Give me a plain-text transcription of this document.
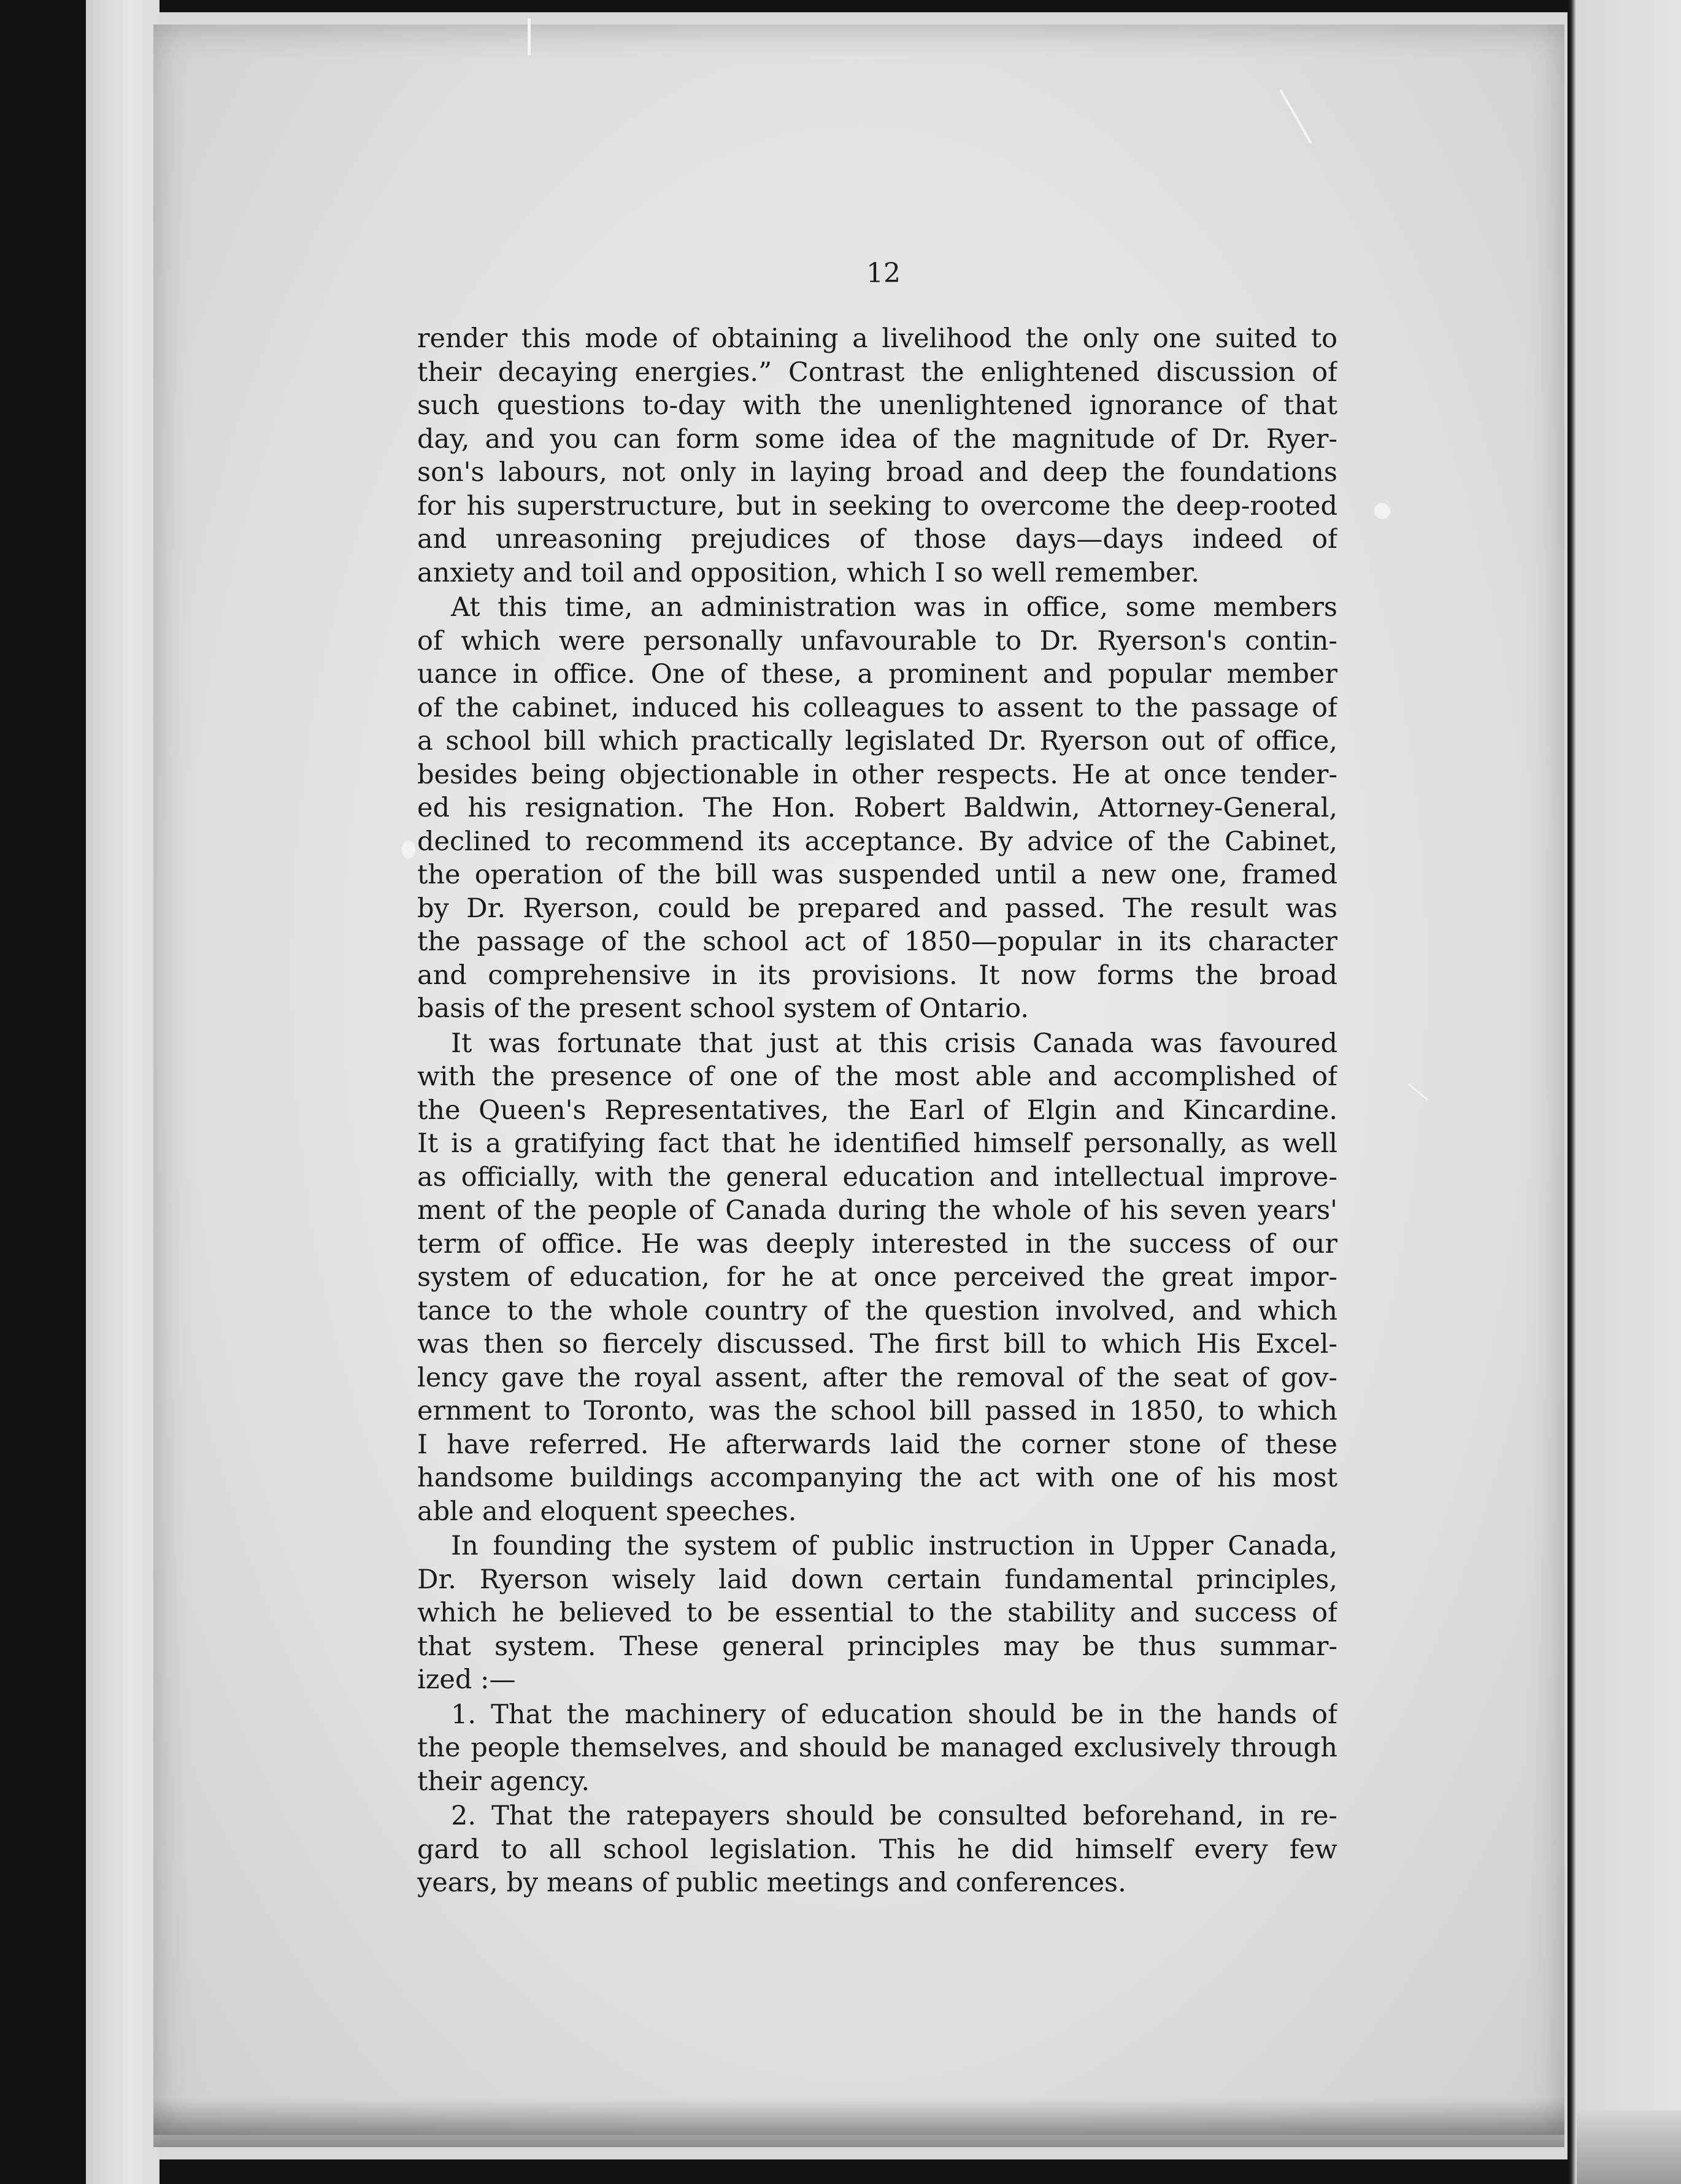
12
render this mode of obtaining a livelihood the only one suited to
their decaying energies.” Contrast the enlightened discussion of
such questions to-day with the unenlightened ignorance of that
day, and you can form some idea of the magnitude of Dr. Ryer-
son's labours, not only in laying broad and deep the foundations
for his superstructure, but in seeking to overcome the deep-rooted
and unreasoning prejudices of those days—days indeed of
anxiety and toil and opposition, which I so well remember.
At this time, an administration was in office, some members
of which were personally unfavourable to Dr. Ryerson's contin-
uance in office. One of these, a prominent and popular member
of the cabinet, induced his colleagues to assent to the passage of
a school bill which practically legislated Dr. Ryerson out of office,
besides being objectionable in other respects. He at once tender-
ed his resignation. The Hon. Robert Baldwin, Attorney-General,
declined to recommend its acceptance. By advice of the Cabinet,
the operation of the bill was suspended until a new one, framed
by Dr. Ryerson, could be prepared and passed. The result was
the passage of the school act of 1850—popular in its character
and comprehensive in its provisions. It now forms the broad
basis of the present school system of Ontario.
It was fortunate that just at this crisis Canada was favoured
with the presence of one of the most able and accomplished of
the Queen's Representatives, the Earl of Elgin and Kincardine.
It is a gratifying fact that he identified himself personally, as well
as officially, with the general education and intellectual improve-
ment of the people of Canada during the whole of his seven years'
term of office. He was deeply interested in the success of our
system of education, for he at once perceived the great impor-
tance to the whole country of the question involved, and which
was then so fiercely discussed. The first bill to which His Excel-
lency gave the royal assent, after the removal of the seat of gov-
ernment to Toronto, was the school bill passed in 1850, to which
I have referred. He afterwards laid the corner stone of these
handsome buildings accompanying the act with one of his most
able and eloquent speeches.
In founding the system of public instruction in Upper Canada,
Dr. Ryerson wisely laid down certain fundamental principles,
which he believed to be essential to the stability and success of
that system. These general principles may be thus summar-
ized :—
1. That the machinery of education should be in the hands of
the people themselves, and should be managed exclusively through
their agency.
2. That the ratepayers should be consulted beforehand, in re-
gard to all school legislation. This he did himself every few
years, by means of public meetings and conferences.
